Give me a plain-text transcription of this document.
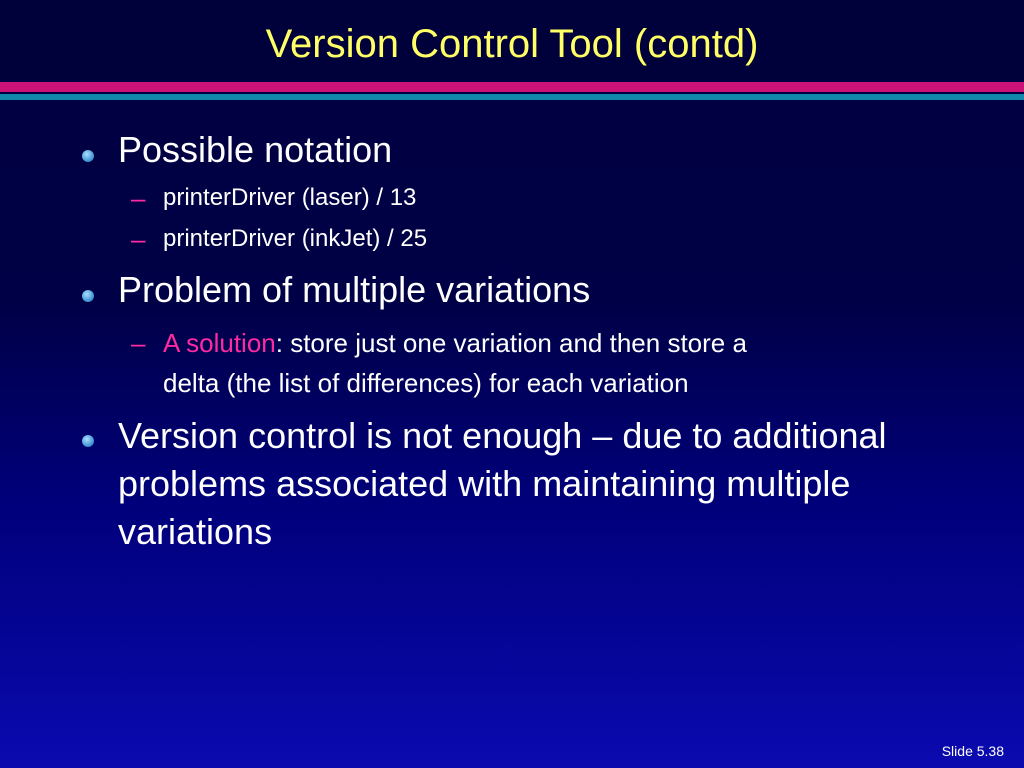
Version Control Tool (contd)
Possible notation
– printerDriver (laser) / 13
– printerDriver (inkJet) / 25
Problem of multiple variations
– A solution: store just one variation and then store a
delta (the list of differences) for each variation
Version control is not enough – due to additional
problems associated with maintaining multiple
variations
Slide 5.38
